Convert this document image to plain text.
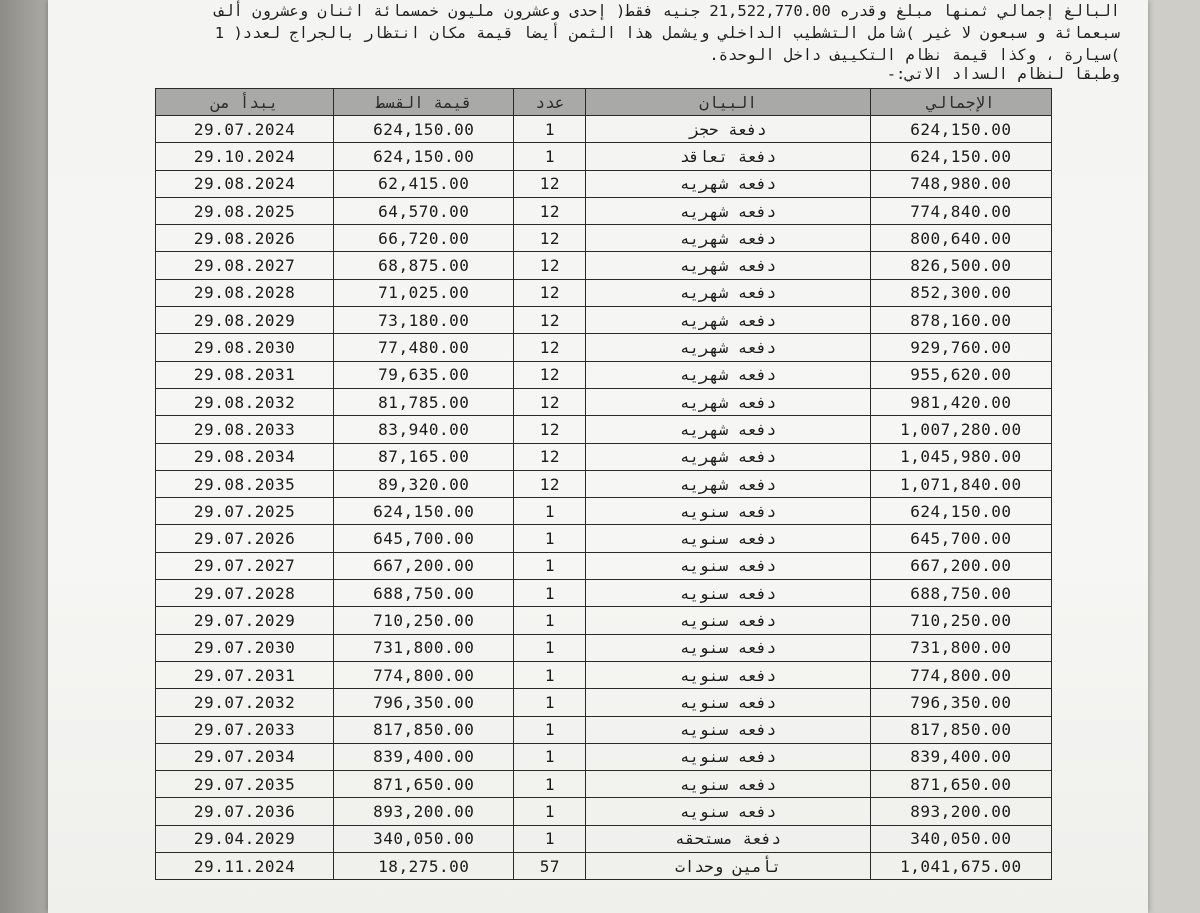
البالغ إجمالي ثمنها مبلغ وقدره 21,522,770.00 جنيه فقط( إحدى وعشرون مليون خمسمائة اثنان وعشرون ألف
سبعمائة و سبعون لا غير )شامل التشطيب الداخلي ويشمل هذا الثمن أيضا قيمة مكان انتظار بالجراج لعدد( 1
)سيارة ، وكذا قيمة نظام التكييف داخل الوحدة.
وطبقاً لنظام السداد الاتي:-
يبدأ من	قيمة القسط	عدد	البيان	الإجمالي
29.07.2024	624,150.00	1	دفعة حجز	624,150.00
29.10.2024	624,150.00	1	دفعة تعاقد	624,150.00
29.08.2024	62,415.00	12	دفعه شهريه	748,980.00
29.08.2025	64,570.00	12	دفعه شهريه	774,840.00
29.08.2026	66,720.00	12	دفعه شهريه	800,640.00
29.08.2027	68,875.00	12	دفعه شهريه	826,500.00
29.08.2028	71,025.00	12	دفعه شهريه	852,300.00
29.08.2029	73,180.00	12	دفعه شهريه	878,160.00
29.08.2030	77,480.00	12	دفعه شهريه	929,760.00
29.08.2031	79,635.00	12	دفعه شهريه	955,620.00
29.08.2032	81,785.00	12	دفعه شهريه	981,420.00
29.08.2033	83,940.00	12	دفعه شهريه	1,007,280.00
29.08.2034	87,165.00	12	دفعه شهريه	1,045,980.00
29.08.2035	89,320.00	12	دفعه شهريه	1,071,840.00
29.07.2025	624,150.00	1	دفعه سنويه	624,150.00
29.07.2026	645,700.00	1	دفعه سنويه	645,700.00
29.07.2027	667,200.00	1	دفعه سنويه	667,200.00
29.07.2028	688,750.00	1	دفعه سنويه	688,750.00
29.07.2029	710,250.00	1	دفعه سنويه	710,250.00
29.07.2030	731,800.00	1	دفعه سنويه	731,800.00
29.07.2031	774,800.00	1	دفعه سنويه	774,800.00
29.07.2032	796,350.00	1	دفعه سنويه	796,350.00
29.07.2033	817,850.00	1	دفعه سنويه	817,850.00
29.07.2034	839,400.00	1	دفعه سنويه	839,400.00
29.07.2035	871,650.00	1	دفعه سنويه	871,650.00
29.07.2036	893,200.00	1	دفعه سنويه	893,200.00
29.04.2029	340,050.00	1	دفعة مستحقه	340,050.00
29.11.2024	18,275.00	57	تأمين وحدات	1,041,675.00
